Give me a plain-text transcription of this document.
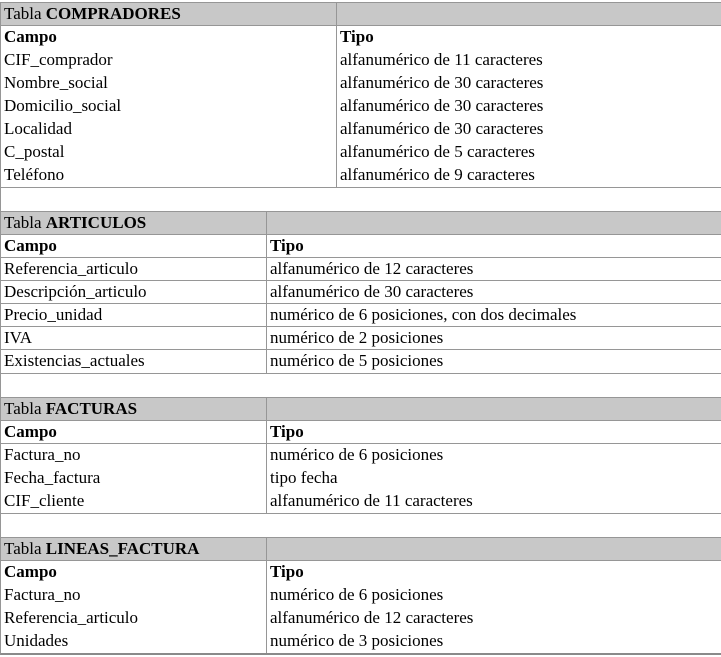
Tabla COMPRADORES
Campo	Tipo
CIF_comprador	alfanumérico de 11 caracteres
Nombre_social	alfanumérico de 30 caracteres
Domicilio_social	alfanumérico de 30 caracteres
Localidad	alfanumérico de 30 caracteres
C_postal	alfanumérico de 5 caracteres
Teléfono	alfanumérico de 9 caracteres
Tabla ARTICULOS
Campo	Tipo
Referencia_articulo	alfanumérico de 12 caracteres
Descripción_articulo	alfanumérico de 30 caracteres
Precio_unidad	numérico de 6 posiciones, con dos decimales
IVA	numérico de 2 posiciones
Existencias_actuales	numérico de 5 posiciones
Tabla FACTURAS
Campo	Tipo
Factura_no	numérico de 6 posiciones
Fecha_factura	tipo fecha
CIF_cliente	alfanumérico de 11 caracteres
Tabla LINEAS_FACTURA
Campo	Tipo
Factura_no	numérico de 6 posiciones
Referencia_articulo	alfanumérico de 12 caracteres
Unidades	numérico de 3 posiciones
